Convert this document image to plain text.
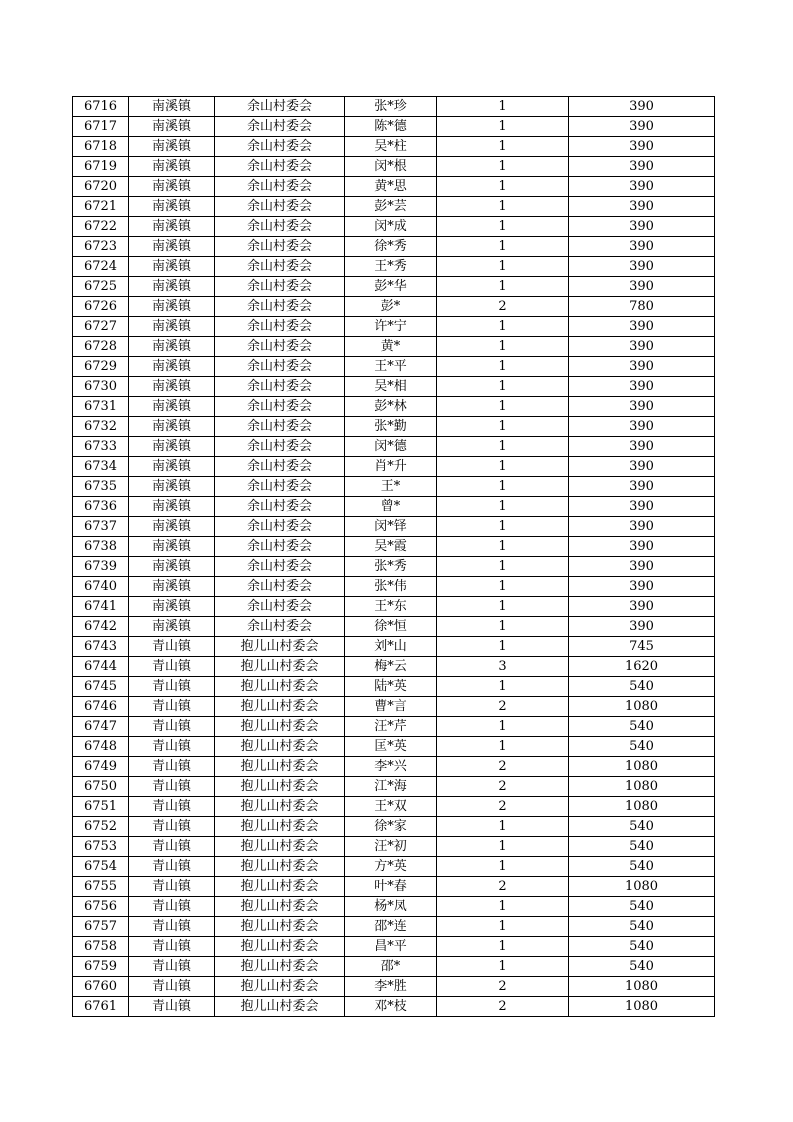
6716	南溪镇	余山村委会	张*珍	1	390
6717	南溪镇	余山村委会	陈*德	1	390
6718	南溪镇	余山村委会	吴*柱	1	390
6719	南溪镇	余山村委会	闵*根	1	390
6720	南溪镇	余山村委会	黄*思	1	390
6721	南溪镇	余山村委会	彭*芸	1	390
6722	南溪镇	余山村委会	闵*成	1	390
6723	南溪镇	余山村委会	徐*秀	1	390
6724	南溪镇	余山村委会	王*秀	1	390
6725	南溪镇	余山村委会	彭*华	1	390
6726	南溪镇	余山村委会	彭*	2	780
6727	南溪镇	余山村委会	许*宁	1	390
6728	南溪镇	余山村委会	黄*	1	390
6729	南溪镇	余山村委会	王*平	1	390
6730	南溪镇	余山村委会	吴*相	1	390
6731	南溪镇	余山村委会	彭*林	1	390
6732	南溪镇	余山村委会	张*勤	1	390
6733	南溪镇	余山村委会	闵*德	1	390
6734	南溪镇	余山村委会	肖*升	1	390
6735	南溪镇	余山村委会	王*	1	390
6736	南溪镇	余山村委会	曾*	1	390
6737	南溪镇	余山村委会	闵*铎	1	390
6738	南溪镇	余山村委会	吴*霞	1	390
6739	南溪镇	余山村委会	张*秀	1	390
6740	南溪镇	余山村委会	张*伟	1	390
6741	南溪镇	余山村委会	王*东	1	390
6742	南溪镇	余山村委会	徐*恒	1	390
6743	青山镇	抱儿山村委会	刘*山	1	745
6744	青山镇	抱儿山村委会	梅*云	3	1620
6745	青山镇	抱儿山村委会	陆*英	1	540
6746	青山镇	抱儿山村委会	曹*言	2	1080
6747	青山镇	抱儿山村委会	汪*芹	1	540
6748	青山镇	抱儿山村委会	匡*英	1	540
6749	青山镇	抱儿山村委会	李*兴	2	1080
6750	青山镇	抱儿山村委会	江*海	2	1080
6751	青山镇	抱儿山村委会	王*双	2	1080
6752	青山镇	抱儿山村委会	徐*家	1	540
6753	青山镇	抱儿山村委会	汪*初	1	540
6754	青山镇	抱儿山村委会	方*英	1	540
6755	青山镇	抱儿山村委会	叶*春	2	1080
6756	青山镇	抱儿山村委会	杨*凤	1	540
6757	青山镇	抱儿山村委会	邵*连	1	540
6758	青山镇	抱儿山村委会	昌*平	1	540
6759	青山镇	抱儿山村委会	邵*	1	540
6760	青山镇	抱儿山村委会	李*胜	2	1080
6761	青山镇	抱儿山村委会	邓*枝	2	1080
